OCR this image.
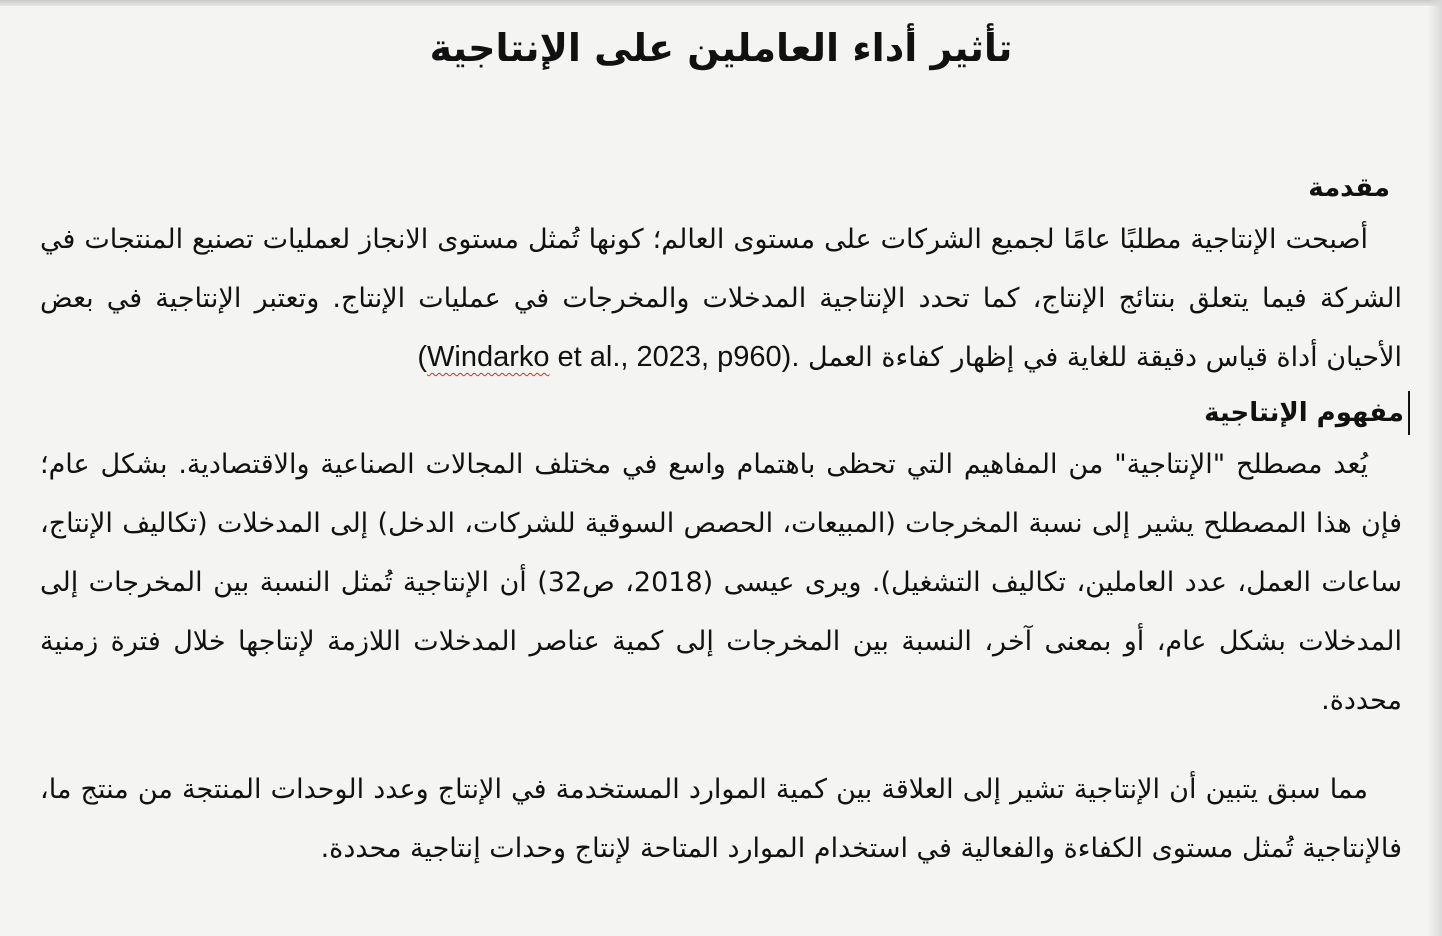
تأثير أداء العاملين على الإنتاجية
مقدمة

أصبحت الإنتاجية مطلبًا عامًا لجميع الشركات على مستوى العالم؛ كونها تُمثل مستوى الانجاز لعمليات تصنيع المنتجات في الشركة فيما يتعلق بنتائج الإنتاج، كما تحدد الإنتاجية المدخلات والمخرجات في عمليات الإنتاج. وتعتبر الإنتاجية في بعض الأحيان أداة قياس دقيقة للغاية في إظهار كفاءة العمل (Windarko et al., 2023, p960).

مفهوم الإنتاجية

يُعد مصطلح "الإنتاجية" من المفاهيم التي تحظى باهتمام واسع في مختلف المجالات الصناعية والاقتصادية. بشكل عام؛ فإن هذا المصطلح يشير إلى نسبة المخرجات (المبيعات، الحصص السوقية للشركات، الدخل) إلى المدخلات (تكاليف الإنتاج، ساعات العمل، عدد العاملين، تكاليف التشغيل). ويرى عيسى (2018، ص32) أن الإنتاجية تُمثل النسبة بين المخرجات إلى المدخلات بشكل عام، أو بمعنى آخر، النسبة بين المخرجات إلى كمية عناصر المدخلات اللازمة لإنتاجها خلال فترة زمنية محددة.

مما سبق يتبين أن الإنتاجية تشير إلى العلاقة بين كمية الموارد المستخدمة في الإنتاج وعدد الوحدات المنتجة من منتج ما، فالإنتاجية تُمثل مستوى الكفاءة والفعالية في استخدام الموارد المتاحة لإنتاج وحدات إنتاجية محددة.
